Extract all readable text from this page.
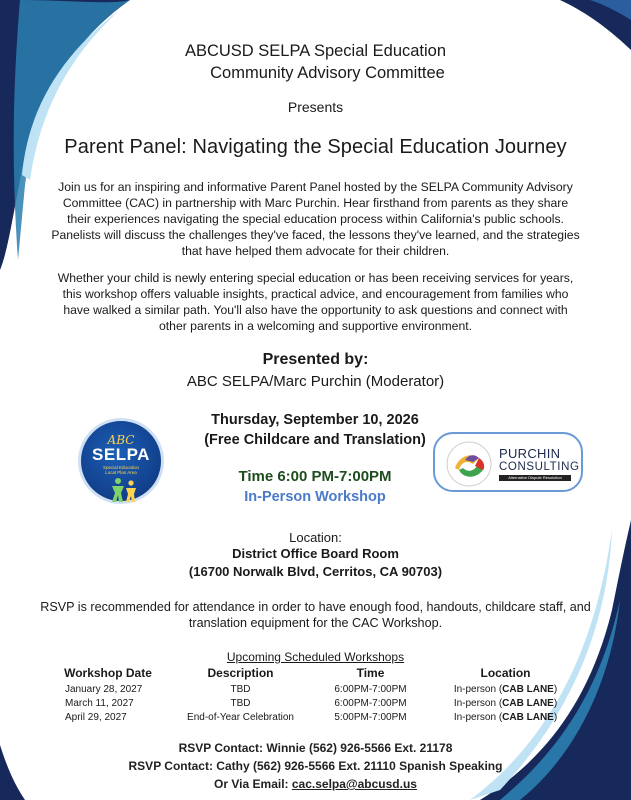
ABCUSD SELPA Special Education
Community Advisory Committee
Presents
Parent Panel: Navigating the Special Education Journey
Join us for an inspiring and informative Parent Panel hosted by the SELPA Community Advisory Committee (CAC) in partnership with Marc Purchin. Hear firsthand from parents as they share their experiences navigating the special education process within California's public schools. Panelists will discuss the challenges they've faced, the lessons they've learned, and the strategies that have helped them advocate for their children.
Whether your child is newly entering special education or has been receiving services for years, this workshop offers valuable insights, practical advice, and encouragement from families who have walked a similar path. You'll also have the opportunity to ask questions and connect with other parents in a welcoming and supportive environment.
Presented by:
ABC SELPA/Marc Purchin (Moderator)
Thursday, September 10, 2026
(Free Childcare and Translation)
Time 6:00 PM-7:00PM
In-Person Workshop
ABC
SELPA
Special Education
Local Plan Area
PURCHIN
CONSULTING
Alternative Dispute Resolution
Location:
District Office Board Room
(16700 Norwalk Blvd, Cerritos, CA 90703)
RSVP is recommended for attendance in order to have enough food, handouts, childcare staff, and translation equipment for the CAC Workshop.
Upcoming Scheduled Workshops
Workshop Date	Description	Time	Location
January 28, 2027	TBD	6:00PM-7:00PM	In-person (CAB LANE)
March 11, 2027	TBD	6:00PM-7:00PM	In-person (CAB LANE)
April 29, 2027	End-of-Year Celebration	5:00PM-7:00PM	In-person (CAB LANE)
RSVP Contact: Winnie (562) 926-5566 Ext. 21178
RSVP Contact: Cathy (562) 926-5566 Ext. 21110 Spanish Speaking
Or Via Email: cac.selpa@abcusd.us
